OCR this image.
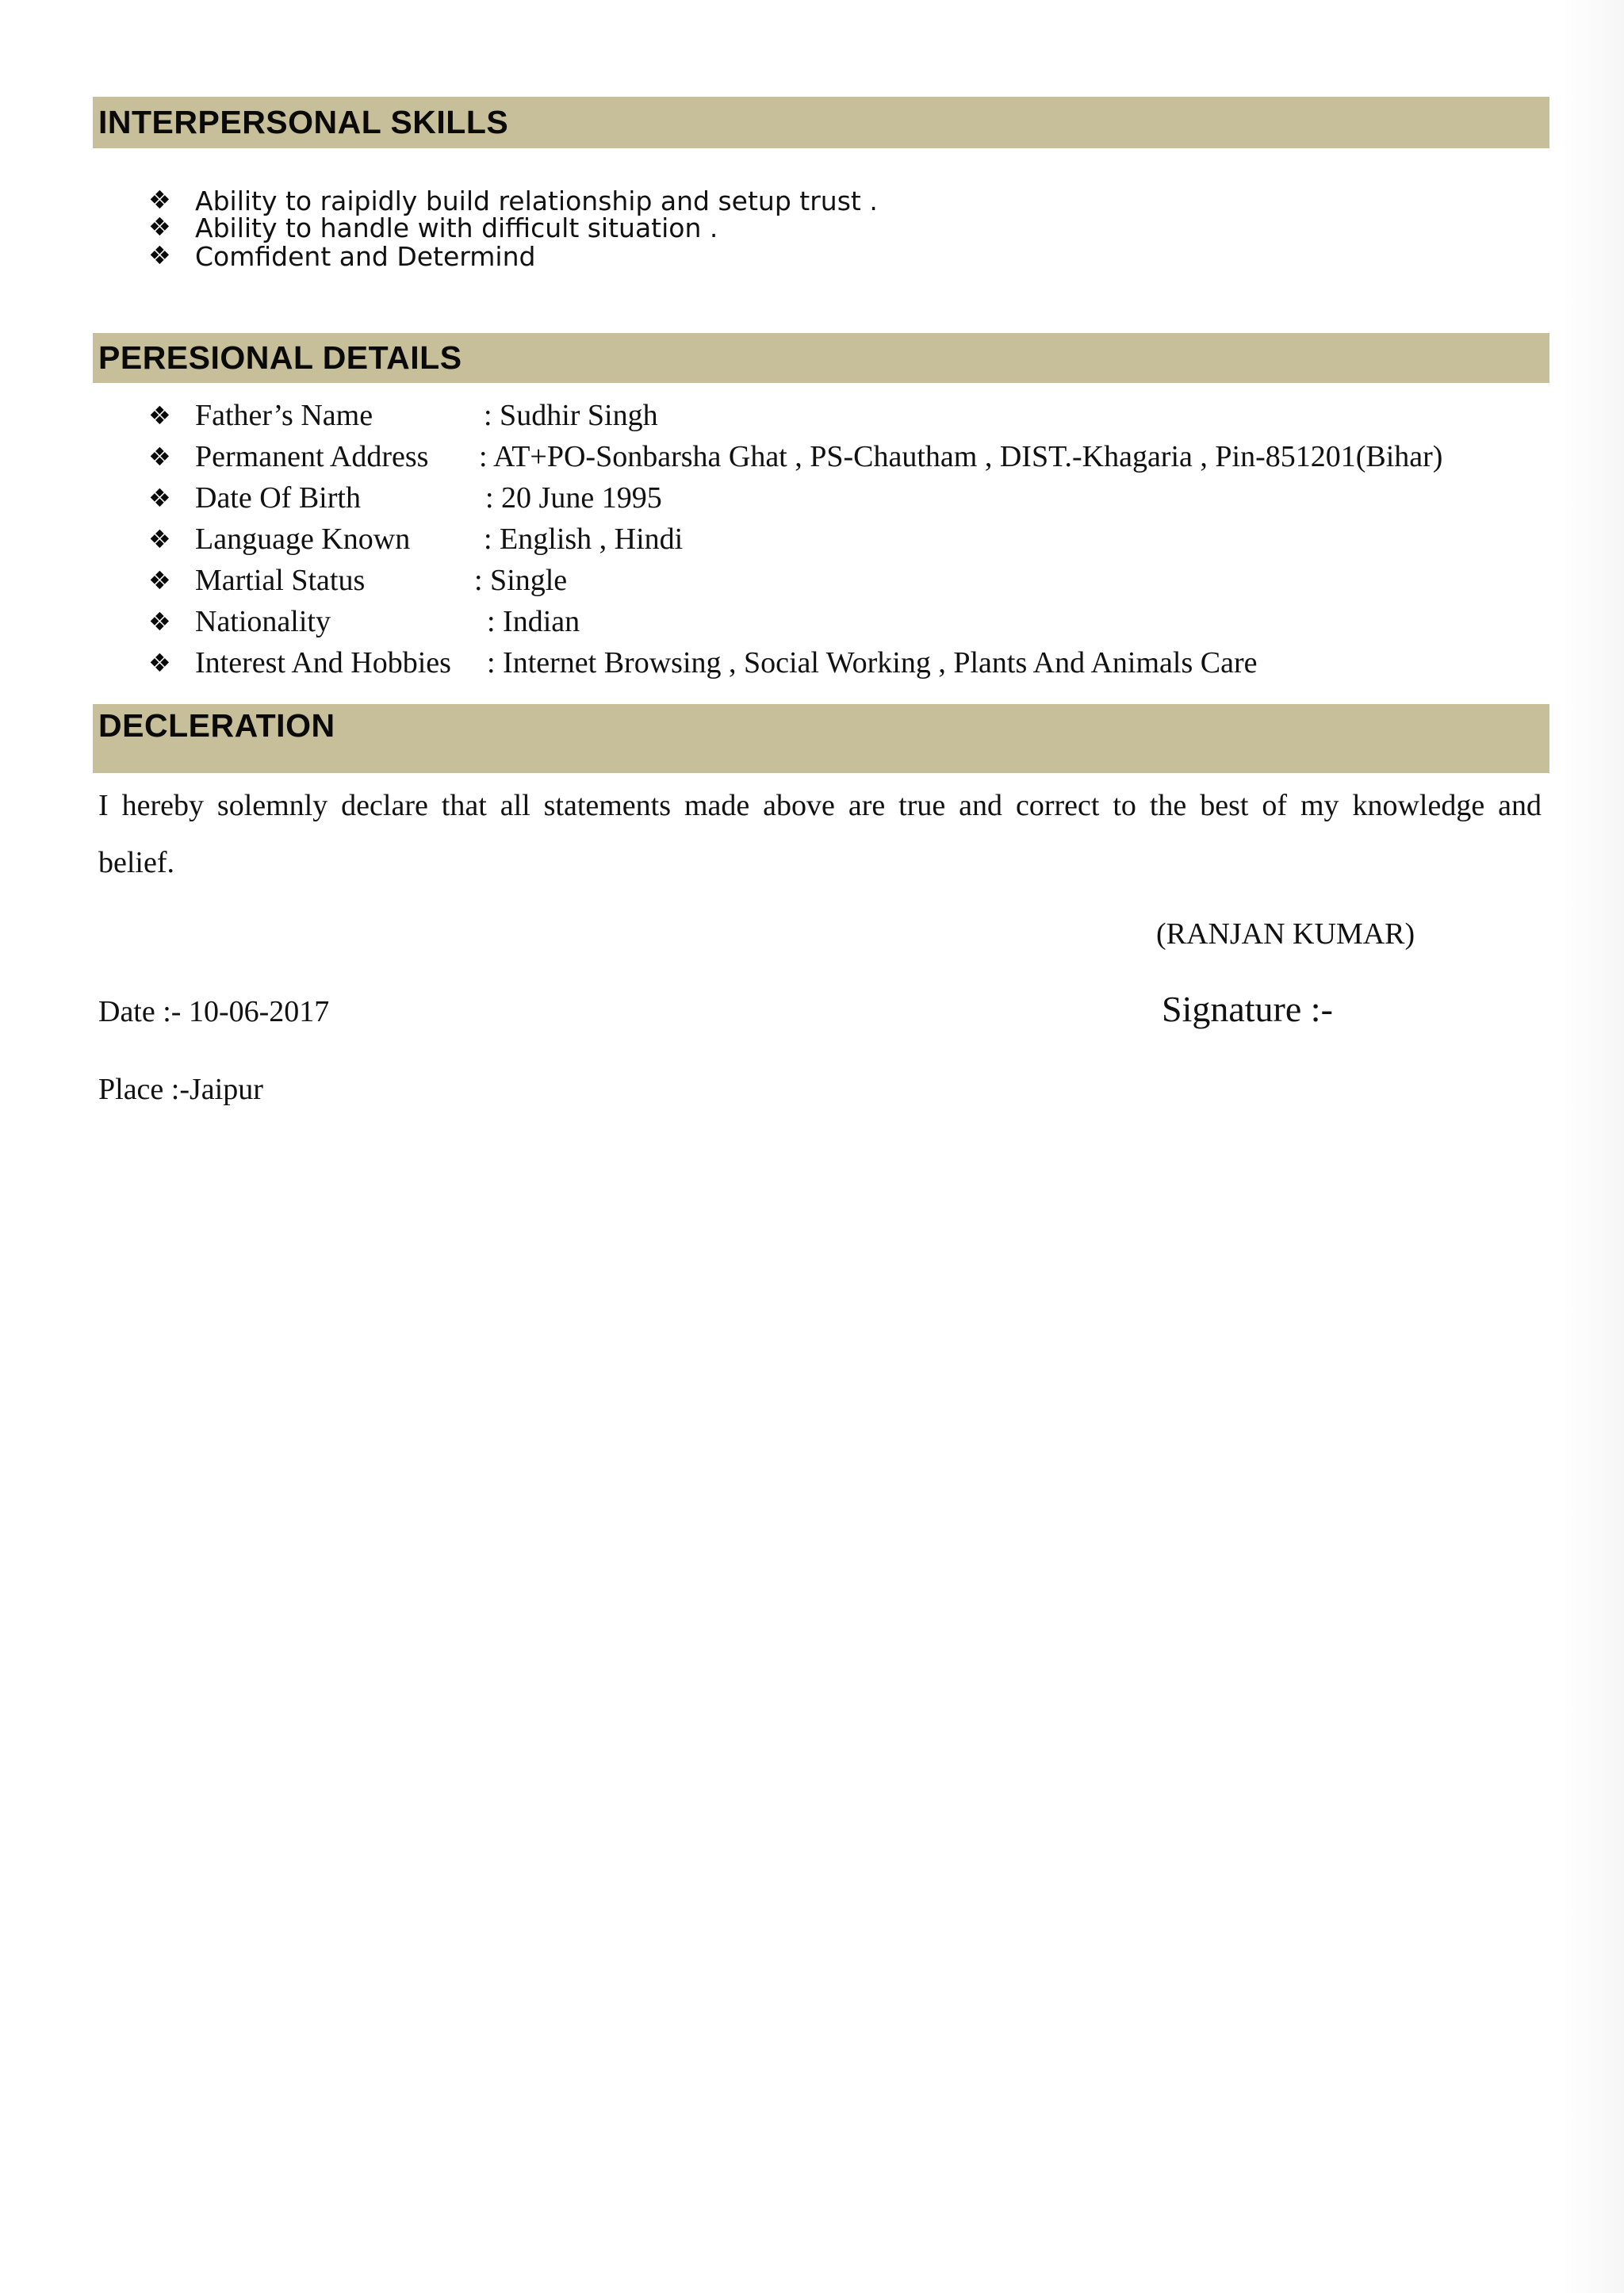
INTERPERSONAL SKILLS
❖ Ability to raipidly build relationship and setup trust .
❖ Ability to handle with difficult situation .
❖ Comfident and Determind
PERESIONAL DETAILS
❖ Father’s Name	: Sudhir Singh
❖ Permanent Address : AT+PO-Sonbarsha Ghat , PS-Chautham , DIST.-Khagaria , Pin-851201(Bihar)
❖ Date Of Birth	: 20 June 1995
❖ Language Known : English , Hindi
❖ Martial Status	: Single
❖ Nationality	: Indian
❖ Interest And Hobbies : Internet Browsing , Social Working , Plants And Animals Care
DECLERATION
I hereby solemnly declare that all statements made above are true and correct to the best of my knowledge and
belief.
(RANJAN KUMAR)
Date :- 10-06-2017	Signature :-
Place :-Jaipur
